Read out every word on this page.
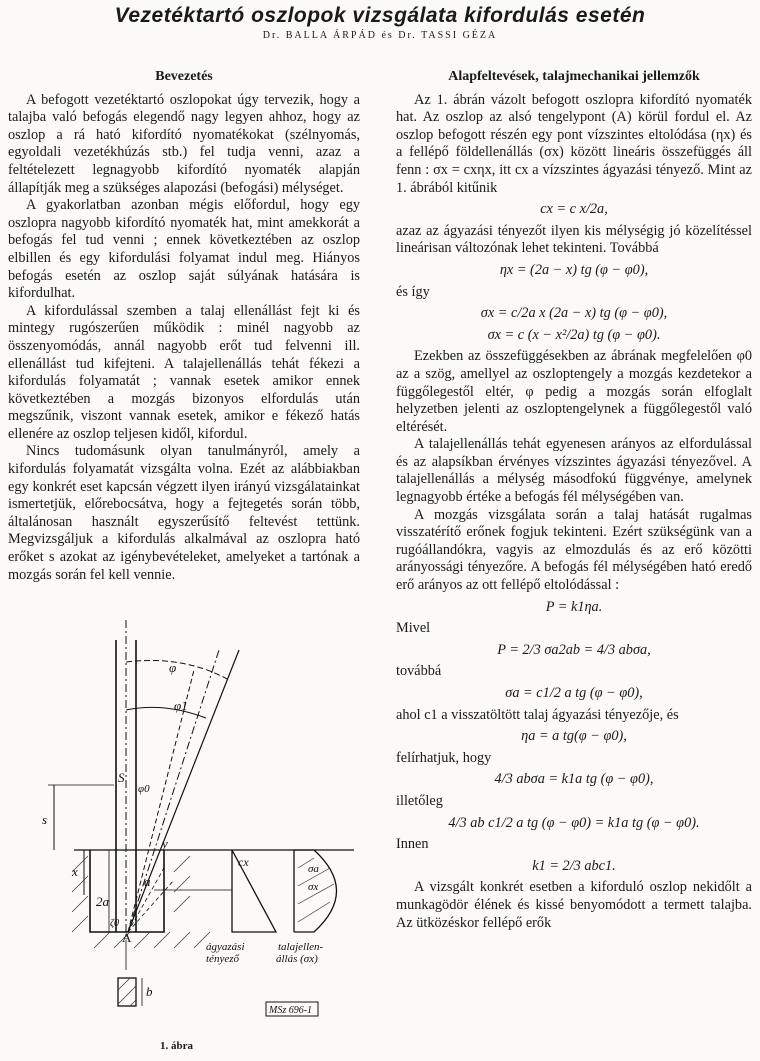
Vezetéktartó oszlopok vizsgálata kifordulás esetén
Dr. BALLA ÁRPÁD és Dr. TASSI GÉZA
Bevezetés

A befogott vezetéktartó oszlopokat úgy tervezik, hogy a talajba való befogás elegendő nagy legyen ahhoz, hogy az oszlop a rá ható kifordító nyomatékokat (szélnyomás, egyoldali vezetékhúzás stb.) fel tudja venni, azaz a feltételezett legnagyobb kifordító nyomaték alapján állapítják meg a szükséges alapozási (befogási) mélységet.

A gyakorlatban azonban mégis előfordul, hogy egy oszlopra nagyobb kifordító nyomaték hat, mint amekkorát a befogás fel tud venni ; ennek következtében az oszlop elbillen és egy kifordulási folyamat indul meg. Hiányos befogás esetén az oszlop saját súlyának hatására is kifordulhat.

A kifordulással szemben a talaj ellenállást fejt ki és mintegy rugószerűen működik : minél nagyobb az összenyomódás, annál nagyobb erőt tud felvenni ill. ellenállást tud kifejteni. A talajellenállás tehát fékezi a kifordulás folyamatát ; vannak esetek amikor ennek következtében a mozgás bizonyos elfordulás után megszűnik, viszont vannak esetek, amikor e fékező hatás ellenére az oszlop teljesen kidől, kifordul.

Nincs tudomásunk olyan tanulmányról, amely a kifordulás folyamatát vizsgálta volna. Ezét az alábbiakban egy konkrét eset kapcsán végzett ilyen irányú vizsgálatainkat ismertetjük, előrebocsátva, hogy a fejtegetés során több, általánosan használt egyszerűsítő feltevést tettünk. Megvizsgáljuk a kifordulás alkalmával az oszlopra ható erőket s azokat az igénybevételeket, amelyeket a tartónak a mozgás során fel kell vennie.

φ
φ1
S
φ0
s
x
y
2a
a
ζ0
A
b
cx	σa
σx
ágyazási
tényező
talajellen-
állás (σx)
MSz 696-1
1. ábra
Alapfeltevések, talajmechanikai jellemzők

Az 1. ábrán vázolt befogott oszlopra kifordító nyomaték hat. Az oszlop az alsó tengelypont (A) körül fordul el. Az oszlop befogott részén egy pont vízszintes eltolódása (ηx) és a fellépő földellenállás (σx) között lineáris összefüggés áll fenn : σx = cxηx, itt cx a vízszintes ágyazási tényező. Mint az 1. ábrából kitűnik

cx = c x/2a,

azaz az ágyazási tényezőt ilyen kis mélységig jó közelítéssel lineárisan változónak lehet tekinteni. Továbbá

ηx = (2a − x) tg (φ − φ0),

és így

σx = c/2a x (2a − x) tg (φ − φ0),
σx = c (x − x²/2a) tg (φ − φ0).

Ezekben az összefüggésekben az ábrának megfelelően φ0 az a szög, amellyel az oszloptengely a mozgás kezdetekor a függőlegestől eltér, φ pedig a mozgás során elfoglalt helyzetben jelenti az oszloptengelynek a függőlegestől való eltérését.

A talajellenállás tehát egyenesen arányos az elfordulással és az alapsíkban érvényes vízszintes ágyazási tényezővel. A talajellenállás a mélység másodfokú függvénye, amelynek legnagyobb értéke a befogás fél mélységében van.

A mozgás vizsgálata során a talaj hatását rugalmas visszatérítő erőnek fogjuk tekinteni. Ezért szükségünk van a rugóállandókra, vagyis az elmozdulás és az erő közötti arányossági tényezőre. A befogás fél mélységében ható eredő erő arányos az ott fellépő eltolódással :

P = k1ηa.

Mivel

P = 2/3 σa2ab = 4/3 abσa,

továbbá

σa = c1/2 a tg (φ − φ0),

ahol c1 a visszatöltött talaj ágyazási tényezője, és

ηa = a tg(φ − φ0),

felírhatjuk, hogy

4/3 abσa = k1a tg (φ − φ0),

illetőleg

4/3 ab c1/2 a tg (φ − φ0) = k1a tg (φ − φ0).

Innen

k1 = 2/3 abc1.

A vizsgált konkrét esetben a kiforduló oszlop nekidőlt a munkagödör élének és kissé benyomódott a termett talajba. Az ütközéskor fellépő erők
